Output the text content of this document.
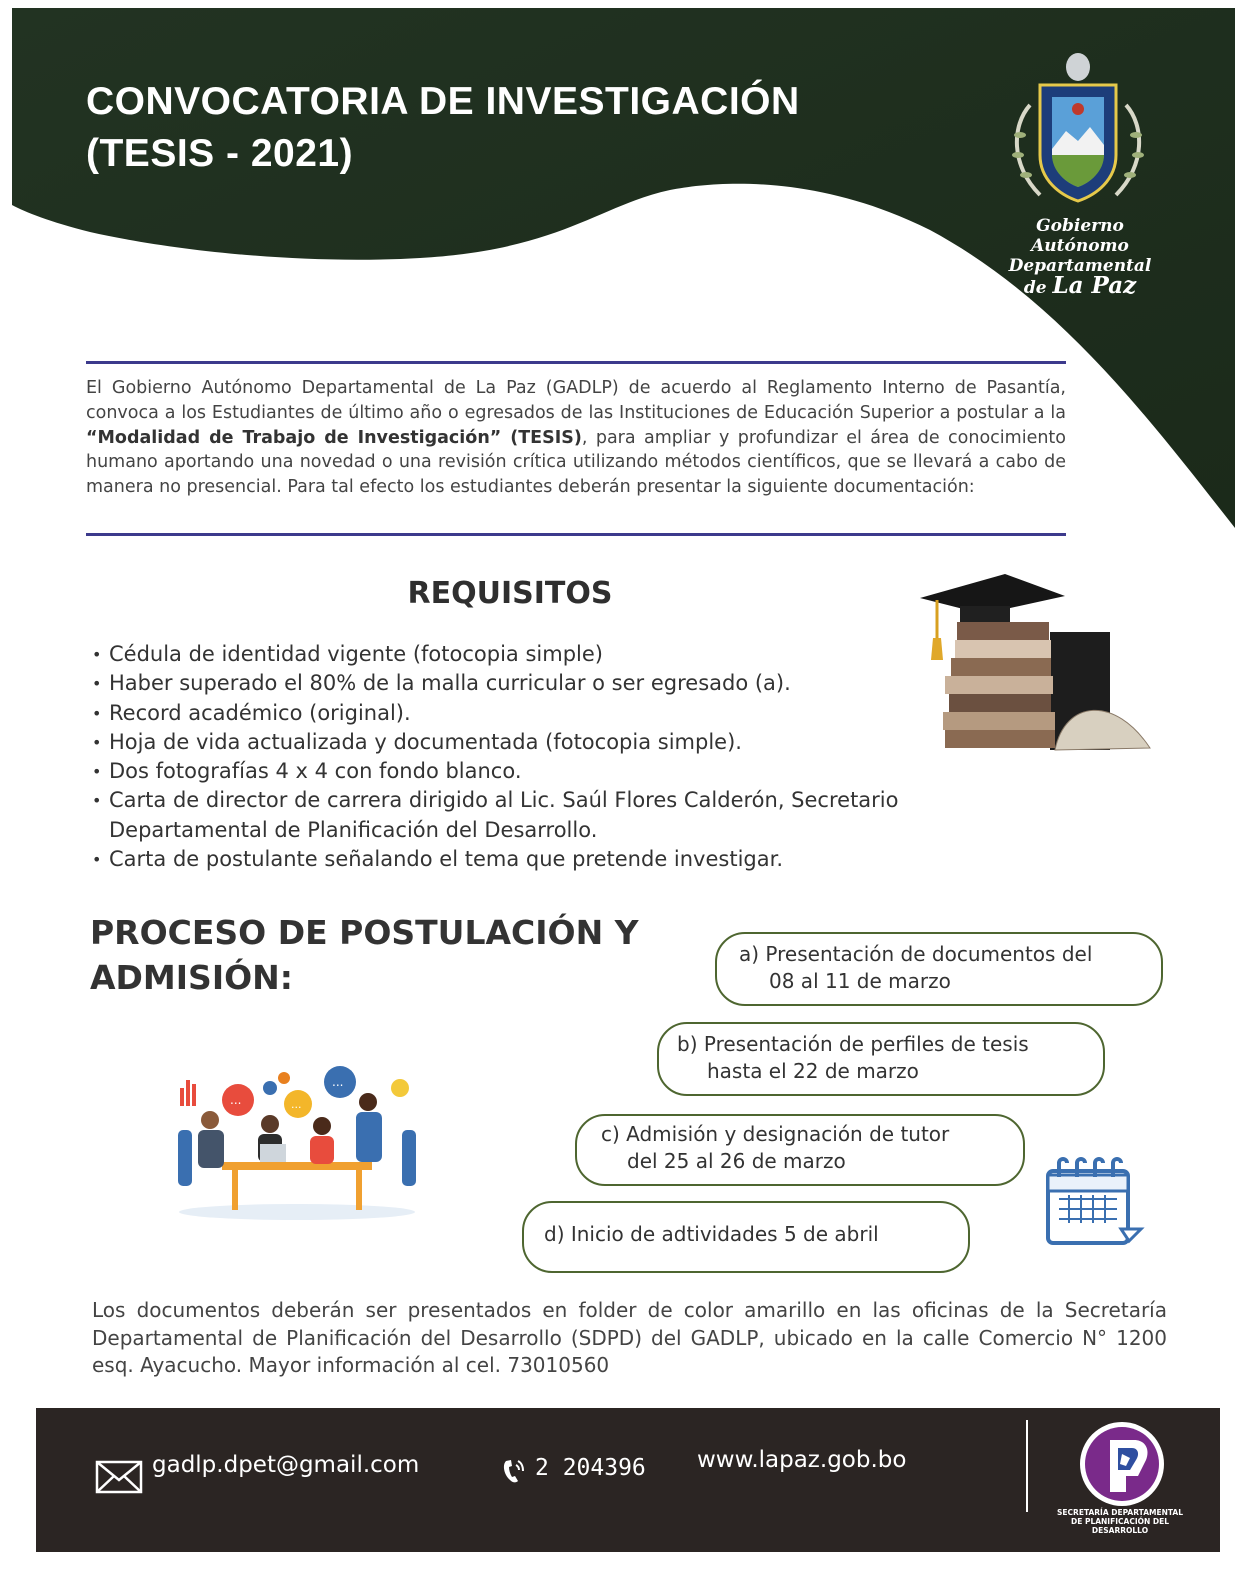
CONVOCATORIA DE INVESTIGACIÓN
(TESIS - 2021)
Gobierno Autónomo
Departamental
de La Paz
El Gobierno Autónomo Departamental de La Paz (GADLP) de acuerdo al Reglamento Interno de Pasantía, convoca a los Estudiantes de último año o egresados de las Instituciones de Educación Superior a postular a la “Modalidad de Trabajo de Investigación” (TESIS), para ampliar y profundizar el área de conocimiento humano aportando una novedad o una revisión crítica utilizando métodos científicos, que se llevará a cabo de manera no presencial. Para tal efecto los estudiantes deberán presentar la siguiente documentación:
REQUISITOS
• Cédula de identidad vigente (fotocopia simple)
• Haber superado el 80% de la malla curricular o ser egresado (a).
• Record académico (original).
• Hoja de vida actualizada y documentada (fotocopia simple).
• Dos fotografías 4 x 4 con fondo blanco.
• Carta de director de carrera dirigido al Lic. Saúl Flores Calderón, Secretario Departamental de Planificación del Desarrollo.
• Carta de postulante señalando el tema que pretende investigar.
PROCESO DE POSTULACIÓN Y
ADMISIÓN:
a) Presentación de documentos del
08 al 11 de marzo
b) Presentación de perfiles de tesis
hasta el 22 de marzo
c) Admisión y designación de tutor
del 25 al 26 de marzo
d) Inicio de adtividades 5 de abril
...	...
...
Los documentos deberán ser presentados en folder de color amarillo en las oficinas de la Secretaría Departamental de Planificación del Desarrollo (SDPD) del GADLP, ubicado en la calle Comercio N° 1200 esq. Ayacucho. Mayor información al cel. 73010560
gadlp.dpet@gmail.com	2 204396 www.lapaz.gob.bo
SECRETARÍA DEPARTAMENTAL
DE PLANIFICACIÓN DEL
DESARROLLO
